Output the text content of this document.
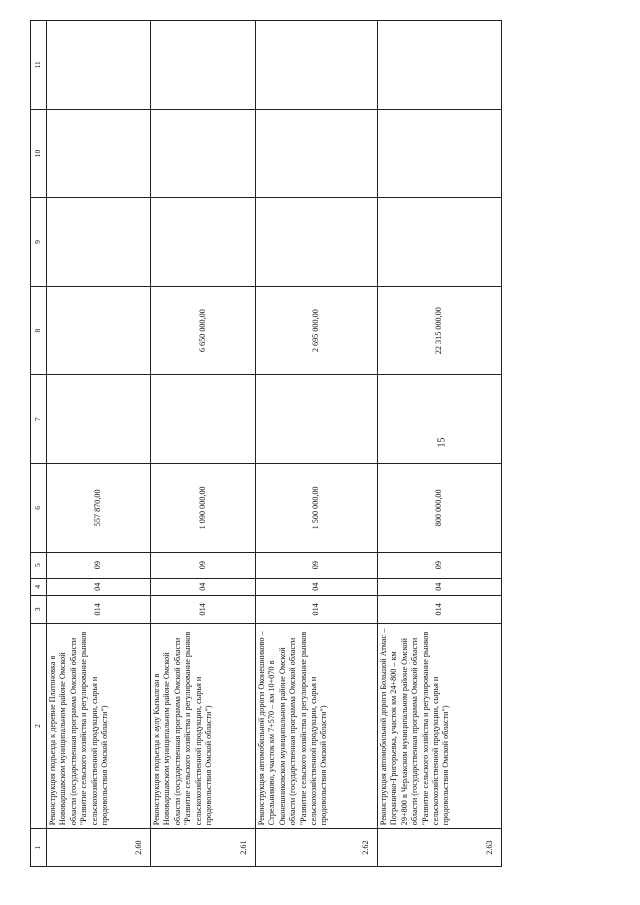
15
1	2	3	4	5	6	7	8	9	10	11
2.60	Реконструкция подъезда к деревне Платоновка в Нововаршавском муниципальном районе Омской области (государственная программа Омской области "Развитие сельского хозяйства и регулирование рынков сельскохозяйственной продукции, сырья и продовольствия Омской области")	014	04	09	557 870,00					
2.61	Реконструкция подъезда к аулу Кызылган в Нововаршавском муниципальном районе Омской области (государственная программа Омской области "Развитие сельского хозяйства и регулирование рынков сельскохозяйственной продукции, сырья и продовольствия Омской области")	014	04	09	1 090 000,00		6 650 000,00			
2.62	Реконструкция автомобильной дороги Оконешниково – Стрельниково, участок км 7+570 – км 10+070 в Оконешниковском муниципальном районе Омской области (государственная программа Омской области "Развитие сельского хозяйства и регулирование рынков сельскохозяйственной продукции, сырья и продовольствия Омской области")	014	04	09	1 500 000,00		2 695 000,00			
2.63	Реконструкция автомобильной дороги Большой Атмас – Пограничко-Григорьевка, участок км 24+800 – км 29+800 в Черлакском муниципальном районе Омской области (государственная программа Омской области "Развитие сельского хозяйства и регулирование рынков сельскохозяйственной продукции, сырья и продовольствия Омской области")	014	04	09	800 000,00		22 315 000,00			
